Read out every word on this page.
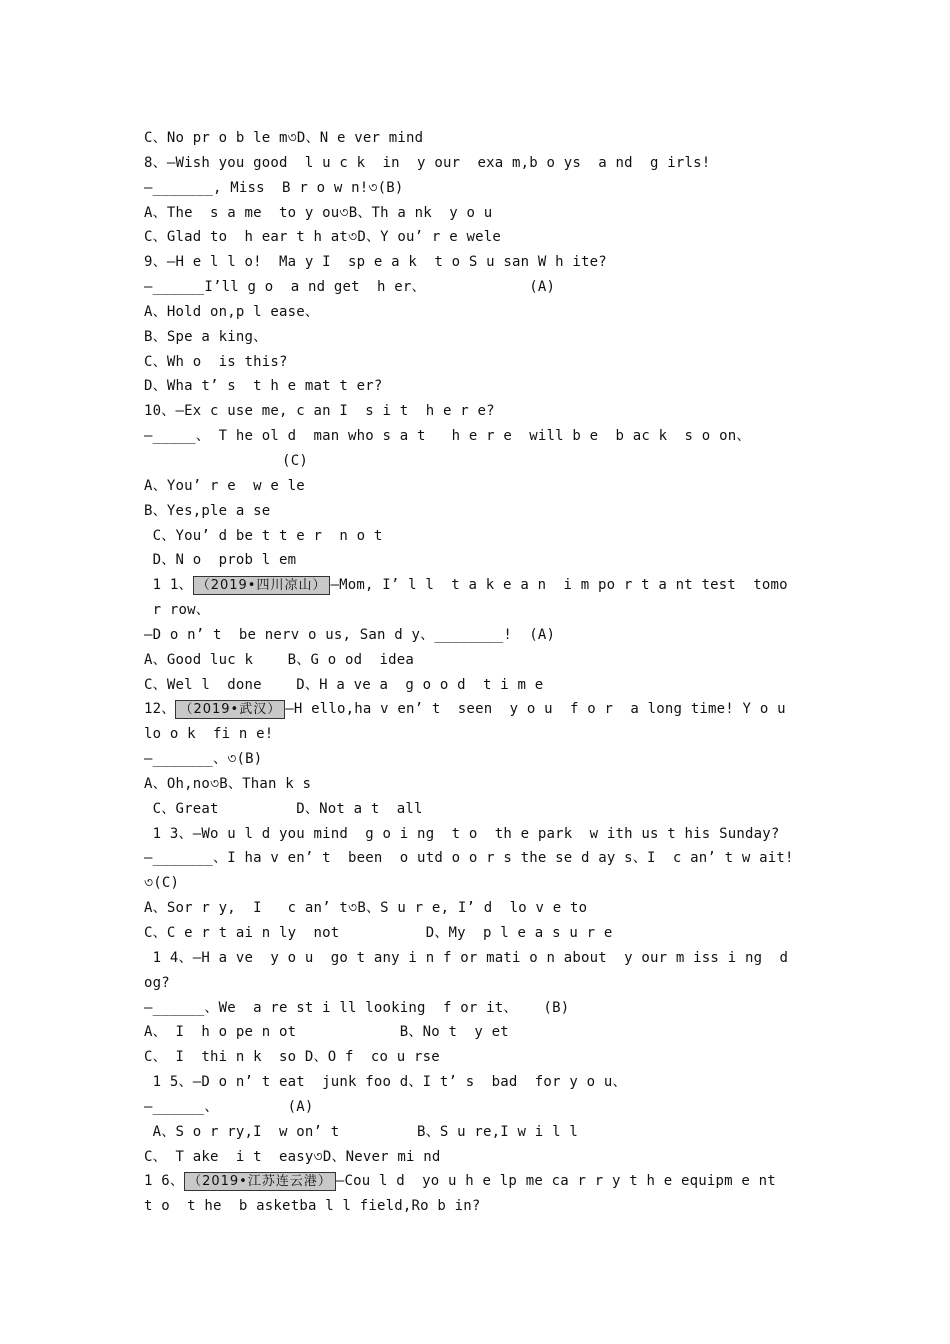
C、No pr o b le m৩D、N e ver mind
8、—Wish you good  l u c k  in  y our  exa m,b o ys  a nd  g irls!
—_______, Miss  B r o w n!৩(B)
A、The  s a me  to y ou৩B、Th a nk  y o u
C、Glad to  h ear t h at৩D、Y ou’ r e wele
9、—H e l l o!  Ma y I  sp e a k  t o S u san W h ite?
—______I’ll g o  a nd get  h er、            (A)
A、Hold on,p l ease、
B、Spe a king、
C、Wh o  is this?
D、Wha t’ s  t h e mat t er?
10、—Ex c use me, c an I  s i t  h e r e?
—_____、 T he ol d  man who s a t   h e r e  will b e  b ac k  s o on、
(C)
A、You’ r e  w e le
B、Yes,ple a se
C、You’ d be t t e r  n o t
D、N o  prob l em
1 1、 （2019•四川凉山） —Mom, I’ l l  t a k e a n  i m po r t a nt test  tomo
r row、
—D o n’ t  be nerv o us, San d y、________!  (A)
A、Good luc k    B、G o od  idea
C、Wel l  done    D、H a ve a  g o o d  t i m e
12、 （2019•武汉） —H ello,ha v en’ t  seen  y o u  f o r  a long time! Y o u
lo o k  fi n e!
—_______、৩(B)
A、Oh,no৩B、Than k s
C、Great         D、Not a t  all
1 3、—Wo u l d you mind  g o i ng  t o  th e park  w ith us t his Sunday?
—_______、I ha v en’ t  been  o utd o o r s the se d ay s、I  c an’ t w ait!
৩(C)
A、Sor r y,  I   c an’ t৩B、S u r e, I’ d  lo v e to
C、C e r t ai n ly  not          D、My  p l e a s u r e
1 4、—H a ve  y o u  go t any i n f or mati o n about  y our m iss i ng  d
og?
—______、We  a re st i ll looking  f or it、   (B)
A、 I  h o pe n ot            B、No t  y et
C、 I  thi n k  so D、O f  co u rse
1 5、—D o n’ t eat  junk foo d、I t’ s  bad  for y o u、
—______、        (A)
A、S o r ry,I  w on’ t         B、S u re,I w i l l
C、 T ake  i t  easy৩D、Never mi nd
1 6、 （2019•江苏连云港） —Cou l d  yo u h e lp me ca r r y t h e equipm e nt
t o  t he  b asketba l l field,Ro b in?
